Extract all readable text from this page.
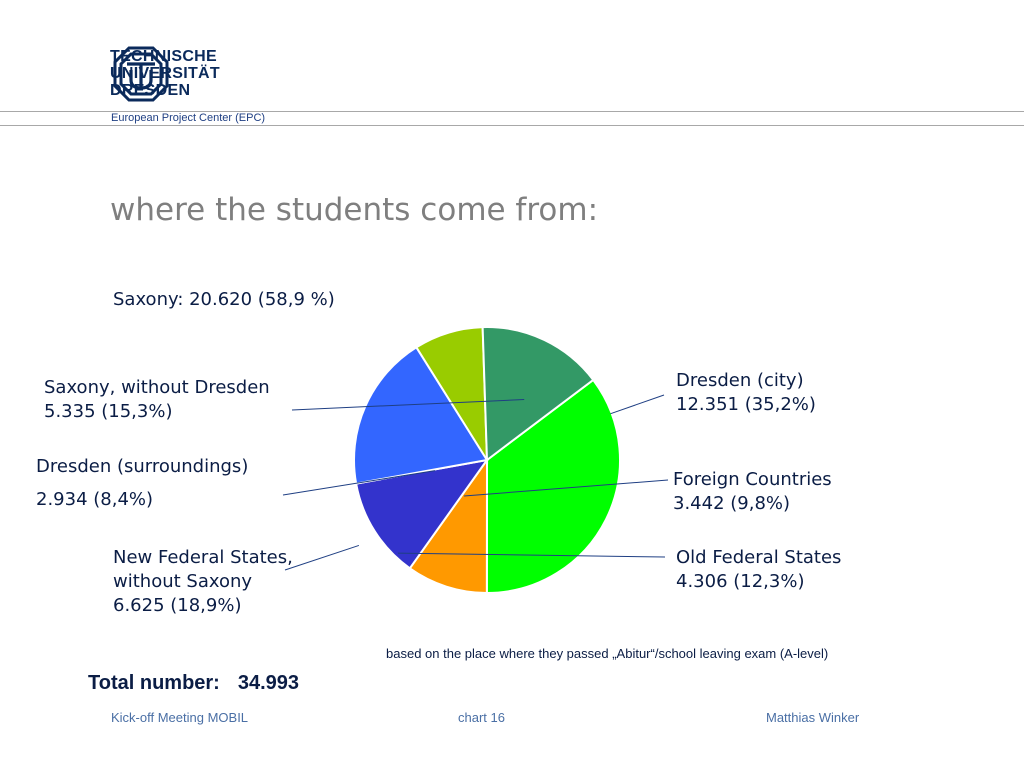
TECHNISCHE
UNIVERSITÄT
DRESDEN
European Project Center (EPC)
where the students come from:
Saxony: 20.620 (58,9 %)
Saxony, without Dresden
5.335 (15,3%)
Dresden (surroundings)
2.934 (8,4%)
New Federal States,
without Saxony
6.625 (18,9%)
Dresden (city)
12.351 (35,2%)
Foreign Countries
3.442 (9,8%)
Old Federal States
4.306 (12,3%)
based on the place where they passed „Abitur“/school leaving exam (A-level)
Total number: 34.993
Kick-off Meeting MOBIL	chart 16	Matthias Winker
